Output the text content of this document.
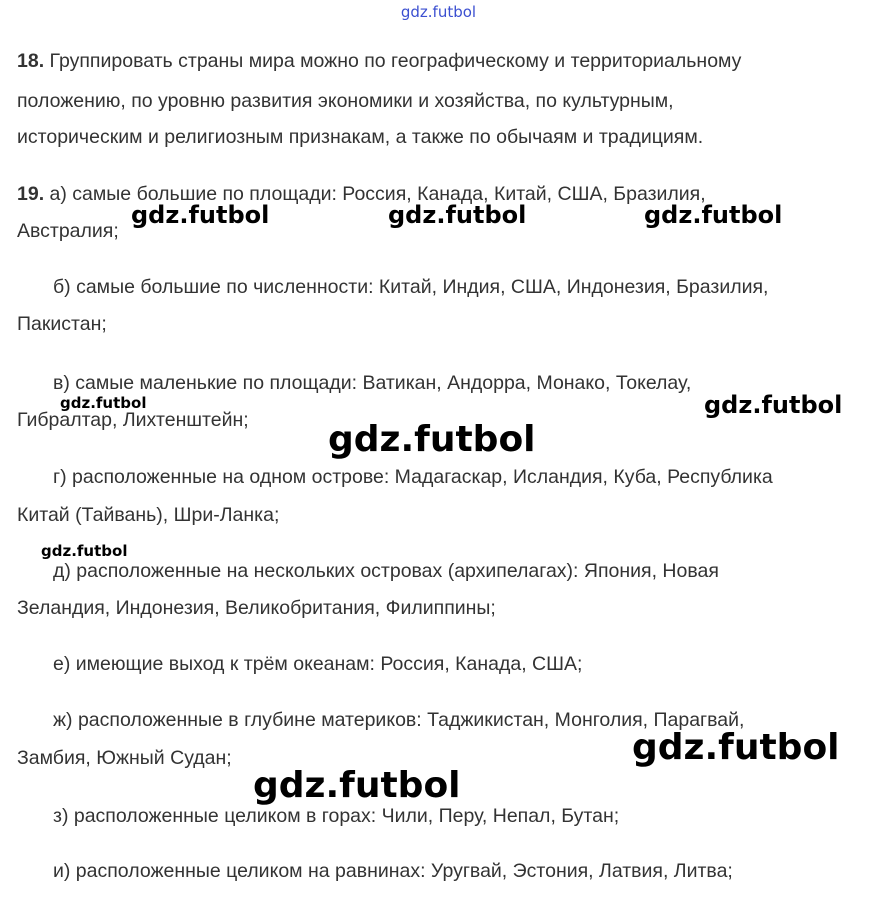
gdz.futbol
18. Группировать страны мира можно по географическому и территориальному
положению, по уровню развития экономики и хозяйства, по культурным,
историческим и религиозным признакам, а также по обычаям и традициям.
19. а) самые большие по площади: Россия, Канада, Китай, США, Бразилия,
Австралия;
б) самые большие по численности: Китай, Индия, США, Индонезия, Бразилия,
Пакистан;
в) самые маленькие по площади: Ватикан, Андорра, Монако, Токелау,
Гибралтар, Лихтенштейн;
г) расположенные на одном острове: Мадагаскар, Исландия, Куба, Республика
Китай (Тайвань), Шри-Ланка;
д) расположенные на нескольких островах (архипелагах): Япония, Новая
Зеландия, Индонезия, Великобритания, Филиппины;
е) имеющие выход к трём океанам: Россия, Канада, США;
ж) расположенные в глубине материков: Таджикистан, Монголия, Парагвай,
Замбия, Южный Судан;
з) расположенные целиком в горах: Чили, Перу, Непал, Бутан;
и) расположенные целиком на равнинах: Уругвай, Эстония, Латвия, Литва;
gdz.futbol	gdz.futbol	gdz.futbol
gdz.futbol	gdz.futbol
gdz.futbol
gdz.futbol
gdz.futbol
gdz.futbol
